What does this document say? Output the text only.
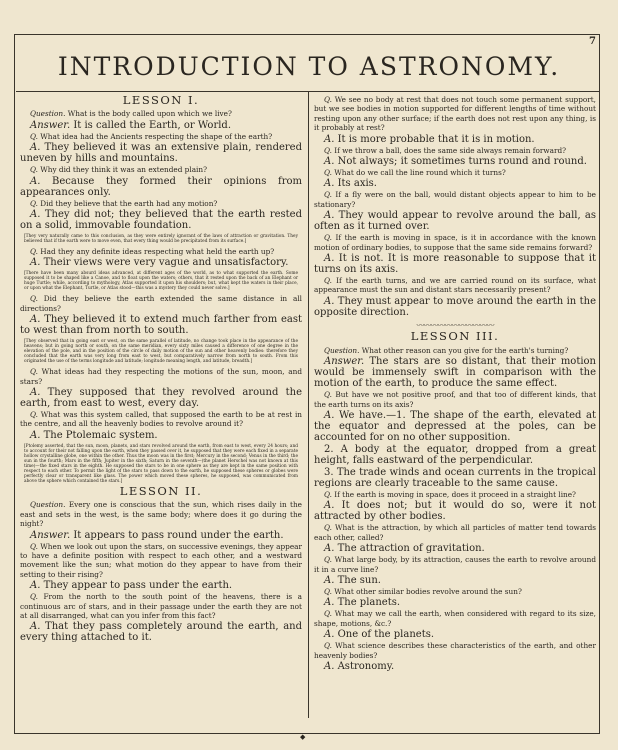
7
INTRODUCTION TO ASTRONOMY.
LESSON I.
Question. What is the body called upon which we live?
Answer. It is called the Earth, or World.
Q. What idea had the Ancients respecting the shape of the earth?
A. They believed it was an extensive plain, rendered uneven by hills and mountains.
Q. Why did they think it was an extended plain?
A. Because they formed their opinions from appearances only.
Q. Did they believe that the earth had any motion?
A. They did not; they believed that the earth rested on a solid, immovable foundation.
[They very naturally came to this conclusion, as they were entirely ignorant of the laws of attraction or gravitation. They believed that if the earth were to move even, that every thing would be precipitated from its surface.]
Q. Had they any definite ideas respecting what held the earth up?
A. Their views were very vague and unsatisfactory.
[There have been many absurd ideas advanced, at different ages of the world, as to what supported the earth. Some supposed it to be shaped like a Canoe, and to float upon the waters; others, that it rested upon the back of an Elephant or huge Turtle; while, according to mythology, Atlas supported it upon his shoulders; but, what kept the waters in their place, or upon what the Elephant, Turtle, or Atlas stood—this was a mystery they could never solve.]
Q. Did they believe the earth extended the same distance in all directions?
A. They believed it to extend much farther from east to west than from north to south.
[They observed that in going east or west, on the same parallel of latitude, no change took place in the appearance of the heavens; but in going north or south, on the same meridian, every sixty miles caused a difference of one degree in the elevation of the pole, and in the position of the circle of daily motion of the sun and other heavenly bodies: therefore they concluded that the earth was very long from east to west, but comparatively narrow from north to south. From this originated the use of the terms longitude and latitude; longitude meaning length, and latitude, breadth.]
Q. What ideas had they respecting the motions of the sun, moon, and stars?
A. They supposed that they revolved around the earth, from east to west, every day.
Q. What was this system called, that supposed the earth to be at rest in the centre, and all the heavenly bodies to revolve around it?
A. The Ptolemaic system.
[Ptolemy asserted, that the sun, moon, planets, and stars revolved around the earth, from east to west, every 24 hours; and to account for their not falling upon the earth, when they passed over it, he supposed that they were each fixed in a separate hollow crystalline globe, one within the other. Thus the moon was in the first; Mercury in the second; Venus in the third; the sun in the fourth; Mars in the fifth; Jupiter in the sixth; Saturn in the seventh—(the planet Herschel was not known at this time)—the fixed stars in the eighth. He supposed the stars to be in one sphere as they are kept in the same position with respect to each other. To permit the light of the stars to pass down to the earth, he supposed these spheres or globes were perfectly clear or transparent like glass. The power which moved these spheres, he supposed, was communicated from above the sphere which contained the stars.]
LESSON II.
Question. Every one is conscious that the sun, which rises daily in the east and sets in the west, is the same body; where does it go during the night?
Answer. It appears to pass round under the earth.
Q. When we look out upon the stars, on successive evenings, they appear to have a definite position with respect to each other, and a westward movement like the sun; what motion do they appear to have from their setting to their rising?
A. They appear to pass under the earth.
Q. From the north to the south point of the heavens, there is a continuous arc of stars, and in their passage under the earth they are not at all disarranged, what can you infer from this fact?
A. That they pass completely around the earth, and every thing attached to it.
Q. We see no body at rest that does not touch some permanent support, but we see bodies in motion supported for different lengths of time without resting upon any other surface; if the earth does not rest upon any thing, is it probably at rest?
A. It is more probable that it is in motion.
Q. If we throw a ball, does the same side always remain forward?
A. Not always; it sometimes turns round and round.
Q. What do we call the line round which it turns?
A. Its axis.
Q. If a fly were on the ball, would distant objects appear to him to be stationary?
A. They would appear to revolve around the ball, as often as it turned over.
Q. If the earth is moving in space, is it in accordance with the known motion of ordinary bodies, to suppose that the same side remains forward?
A. It is not. It is more reasonable to suppose that it turns on its axis.
Q. If the earth turns, and we are carried round on its surface, what appearance must the sun and distant stars necessarily present?
A. They must appear to move around the earth in the opposite direction.
〰〰〰〰〰〰〰〰〰〰〰
LESSON III.
Question. What other reason can you give for the earth's turning?
Answer. The stars are so distant, that their motion would be immensely swift in comparison with the motion of the earth, to produce the same effect.
Q. But have we not positive proof, and that too of different kinds, that the earth turns on its axis?
A. We have.—1. The shape of the earth, elevated at the equator and depressed at the poles, can be accounted for on no other supposition.
2. A body at the equator, dropped from a great height, falls eastward of the perpendicular.
3. The trade winds and ocean currents in the tropical regions are clearly traceable to the same cause.
Q. If the earth is moving in space, does it proceed in a straight line?
A. It does not; but it would do so, were it not attracted by other bodies.
Q. What is the attraction, by which all particles of matter tend towards each other, called?
A. The attraction of gravitation.
Q. What large body, by its attraction, causes the earth to revolve around it in a curve line?
A. The sun.
Q. What other similar bodies revolve around the sun?
A. The planets.
Q. What may we call the earth, when considered with regard to its size, shape, motions, &c.?
A. One of the planets.
Q. What science describes these characteristics of the earth, and other heavenly bodies?
A. Astronomy.
◆
